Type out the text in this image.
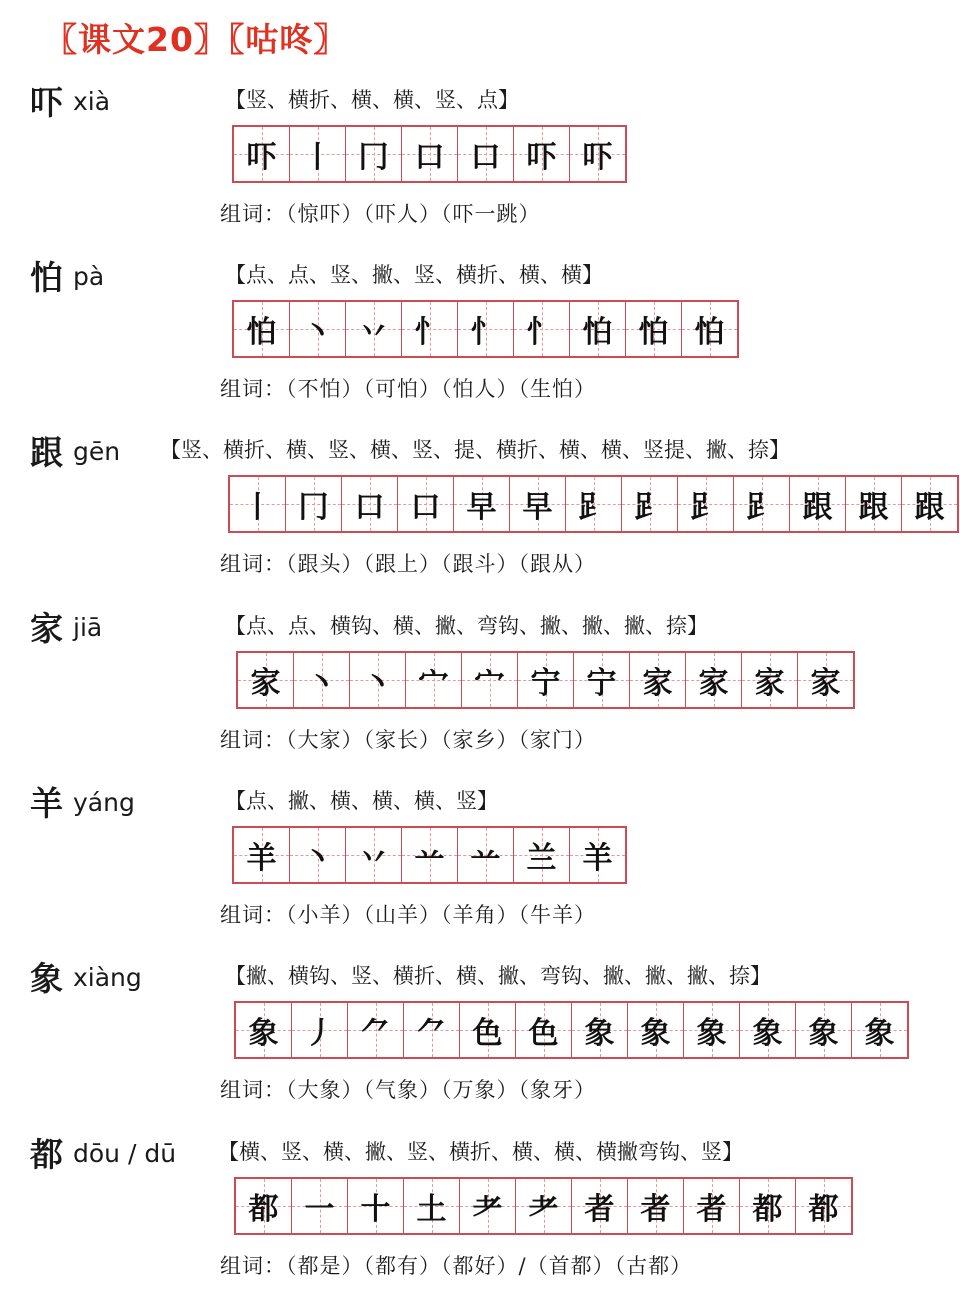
〖课文20〗〖咕咚〗
吓 xià	【竖、横折、横、横、竖、点】
吓 丨 冂 口 口 吓 吓
组词：（惊吓）（吓人）（吓一跳）
怕 pà	【点、点、竖、撇、竖、横折、横、横】
怕 丶 丷 忄 忄 忄 怕 怕 怕
组词：（不怕）（可怕）（怕人）（生怕）
跟 gēn 【竖、横折、横、竖、横、竖、提、横折、横、横、竖提、撇、捺】
丨 冂 口 口 早 早 𧾷 𧾷 𧾷 𧾷 跟 跟 跟
组词：（跟头）（跟上）（跟斗）（跟从）
家 jiā	【点、点、横钩、横、撇、弯钩、撇、撇、撇、捺】
家 丶 丶 宀 宀 宁 宁 家 家 家 家
组词：（大家）（家长）（家乡）（家门）
羊 yáng	【点、撇、横、横、横、竖】
羊 丶 丷 䒑 䒑 兰 羊
组词：（小羊）（山羊）（羊角）（牛羊）
象 xiàng	【撇、横钩、竖、横折、横、撇、弯钩、撇、撇、撇、捺】
象 丿 ⺈ ⺈ 色 色 象 象 象 象 象 象
组词：（大象）（气象）（万象）（象牙）
都 dōu / dū 【横、竖、横、撇、竖、横折、横、横、横撇弯钩、竖】
都 一 十 土 耂 耂 者 者 者 都 都
组词：（都是）（都有）（都好）/（首都）（古都）
